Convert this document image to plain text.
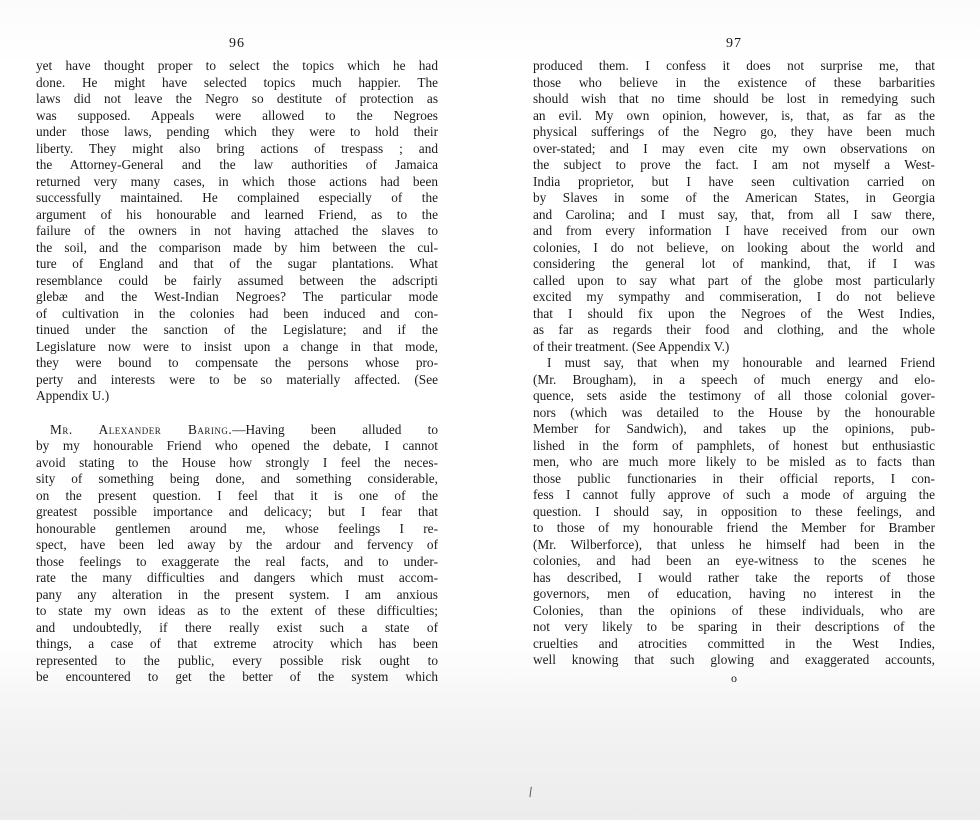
96
yet have thought proper to select the topics which he had
done. He might have selected topics much happier. The
laws did not leave the Negro so destitute of protection as
was supposed. Appeals were allowed to the Negroes
under those laws, pending which they were to hold their
liberty. They might also bring actions of trespass ; and
the Attorney-General and the law authorities of Jamaica
returned very many cases, in which those actions had been
successfully maintained. He complained especially of the
argument of his honourable and learned Friend, as to the
failure of the owners in not having attached the slaves to
the soil, and the comparison made by him between the cul-
ture of England and that of the sugar plantations. What
resemblance could be fairly assumed between the adscripti
glebæ and the West-Indian Negroes? The particular mode
of cultivation in the colonies had been induced and con-
tinued under the sanction of the Legislature; and if the
Legislature now were to insist upon a change in that mode,
they were bound to compensate the persons whose pro-
perty and interests were to be so materially affected. (See
Appendix U.)
Mr. Alexander Baring.—Having been alluded to
by my honourable Friend who opened the debate, I cannot
avoid stating to the House how strongly I feel the neces-
sity of something being done, and something considerable,
on the present question. I feel that it is one of the
greatest possible importance and delicacy; but I fear that
honourable gentlemen around me, whose feelings I re-
spect, have been led away by the ardour and fervency of
those feelings to exaggerate the real facts, and to under-
rate the many difficulties and dangers which must accom-
pany any alteration in the present system. I am anxious
to state my own ideas as to the extent of these difficulties;
and undoubtedly, if there really exist such a state of
things, a case of that extreme atrocity which has been
represented to the public, every possible risk ought to
be encountered to get the better of the system which
97
produced them. I confess it does not surprise me, that
those who believe in the existence of these barbarities
should wish that no time should be lost in remedying such
an evil. My own opinion, however, is, that, as far as the
physical sufferings of the Negro go, they have been much
over-stated; and I may even cite my own observations on
the subject to prove the fact. I am not myself a West-
India proprietor, but I have seen cultivation carried on
by Slaves in some of the American States, in Georgia
and Carolina; and I must say, that, from all I saw there,
and from every information I have received from our own
colonies, I do not believe, on looking about the world and
considering the general lot of mankind, that, if I was
called upon to say what part of the globe most particularly
excited my sympathy and commiseration, I do not believe
that I should fix upon the Negroes of the West Indies,
as far as regards their food and clothing, and the whole
of their treatment. (See Appendix V.)
I must say, that when my honourable and learned Friend
(Mr. Brougham), in a speech of much energy and elo-
quence, sets aside the testimony of all those colonial gover-
nors (which was detailed to the House by the honourable
Member for Sandwich), and takes up the opinions, pub-
lished in the form of pamphlets, of honest but enthusiastic
men, who are much more likely to be misled as to facts than
those public functionaries in their official reports, I con-
fess I cannot fully approve of such a mode of arguing the
question. I should say, in opposition to these feelings, and
to those of my honourable friend the Member for Bramber
(Mr. Wilberforce), that unless he himself had been in the
colonies, and had been an eye-witness to the scenes he
has described, I would rather take the reports of those
governors, men of education, having no interest in the
Colonies, than the opinions of these individuals, who are
not very likely to be sparing in their descriptions of the
cruelties and atrocities committed in the West Indies,
well knowing that such glowing and exaggerated accounts,
o
∖
